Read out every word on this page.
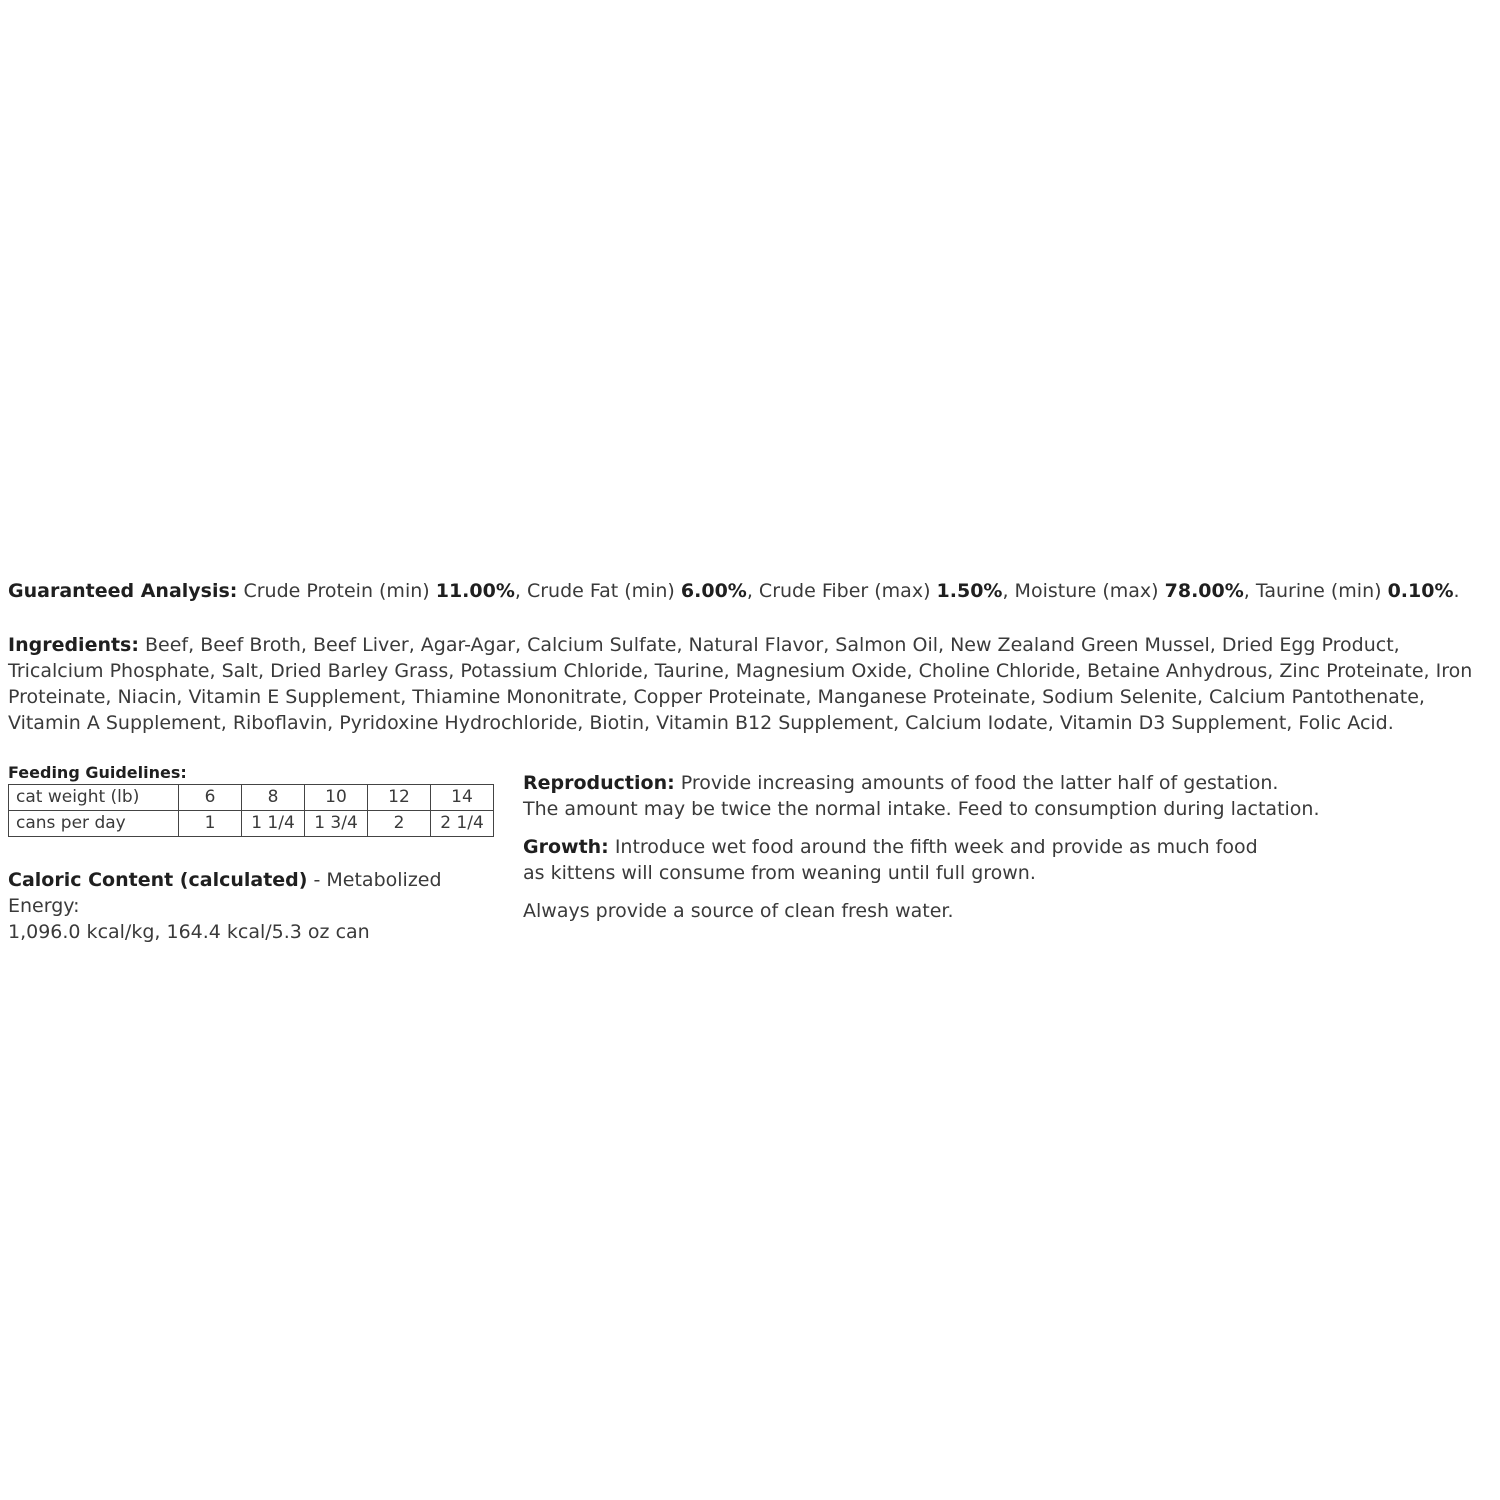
Guaranteed Analysis: Crude Protein (min) 11.00%, Crude Fat (min) 6.00%, Crude Fiber (max) 1.50%, Moisture (max) 78.00%, Taurine (min) 0.10%.

Ingredients: Beef, Beef Broth, Beef Liver, Agar-Agar, Calcium Sulfate, Natural Flavor, Salmon Oil, New Zealand Green Mussel, Dried Egg Product, Tricalcium Phosphate, Salt, Dried Barley Grass, Potassium Chloride, Taurine, Magnesium Oxide, Choline Chloride, Betaine Anhydrous, Zinc Proteinate, Iron Proteinate, Niacin, Vitamin E Supplement, Thiamine Mononitrate, Copper Proteinate, Manganese Proteinate, Sodium Selenite, Calcium Pantothenate, Vitamin A Supplement, Riboflavin, Pyridoxine Hydrochloride, Biotin, Vitamin B12 Supplement, Calcium Iodate, Vitamin D3 Supplement, Folic Acid.

Feeding Guidelines:
cat weight (lb)	6	8	10	12	14
cans per day	1	1 1/4	1 3/4	2	2 1/4

Caloric Content (calculated) - Metabolized Energy:
1,096.0 kcal/kg, 164.4 kcal/5.3 oz can

Reproduction: Provide increasing amounts of food the latter half of gestation.
The amount may be twice the normal intake. Feed to consumption during lactation.

Growth: Introduce wet food around the fifth week and provide as much food
as kittens will consume from weaning until full grown.

Always provide a source of clean fresh water.
